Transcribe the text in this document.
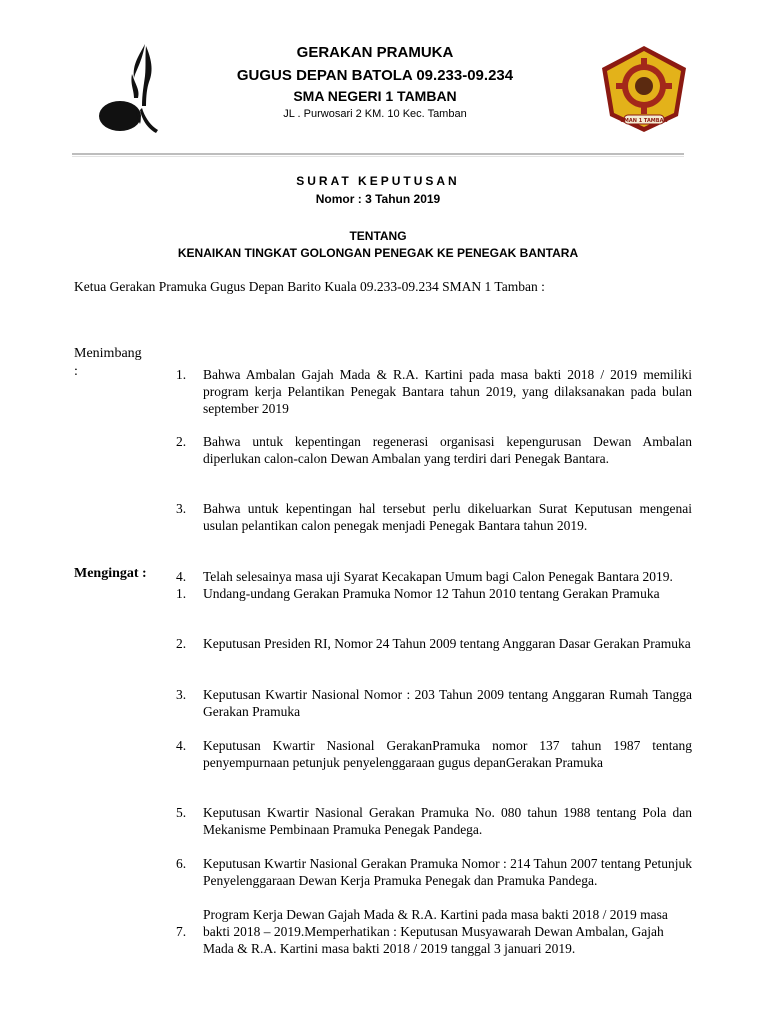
GERAKAN PRAMUKA
GUGUS DEPAN BATOLA 09.233-09.234
SMA NEGERI 1 TAMBAN
JL . Purwosari 2 KM. 10 Kec. Tamban
SMAN 1 TAMBAN
SURAT KEPUTUSAN
Nomor : 3 Tahun 2019
TENTANG
KENAIKAN TINGKAT GOLONGAN PENEGAK KE PENEGAK BANTARA
Ketua Gerakan Pramuka Gugus Depan Barito Kuala 09.233-09.234 SMAN 1 Tamban :
Menimbang
:	1.	Bahwa Ambalan Gajah Mada & R.A. Kartini pada masa bakti 2018 / 2019 memiliki program kerja Pelantikan Penegak Bantara tahun 2019, yang dilaksanakan pada bulan september 2019
2.	Bahwa untuk kepentingan regenerasi organisasi kepengurusan Dewan Ambalan diperlukan calon-calon Dewan Ambalan yang terdiri dari Penegak Bantara.
3.	Bahwa untuk kepentingan hal tersebut perlu dikeluarkan Surat Keputusan mengenai usulan pelantikan calon penegak menjadi Penegak Bantara tahun 2019.
4.	Telah selesainya masa uji Syarat Kecakapan Umum bagi Calon Penegak Bantara 2019.
Mengingat :
1.	Undang-undang Gerakan Pramuka Nomor 12 Tahun 2010 tentang Gerakan Pramuka
2.	Keputusan Presiden RI, Nomor 24 Tahun 2009 tentang Anggaran Dasar Gerakan Pramuka
3.	Keputusan Kwartir Nasional Nomor : 203 Tahun 2009 tentang Anggaran Rumah Tangga Gerakan Pramuka
4.	Keputusan Kwartir Nasional GerakanPramuka nomor 137 tahun 1987 tentang penyempurnaan petunjuk penyelenggaraan gugus depanGerakan Pramuka
5.	Keputusan Kwartir Nasional Gerakan Pramuka No. 080 tahun 1988 tentang Pola dan Mekanisme Pembinaan Pramuka Penegak Pandega.
6.	Keputusan Kwartir Nasional Gerakan Pramuka Nomor : 214 Tahun 2007 tentang Petunjuk Penyelenggaraan Dewan Kerja Pramuka Penegak dan Pramuka Pandega.
7.
Program Kerja Dewan Gajah Mada & R.A. Kartini pada masa bakti 2018 / 2019 masa bakti 2018 – 2019.Memperhatikan : Keputusan Musyawarah Dewan Ambalan, Gajah Mada & R.A. Kartini masa bakti 2018 / 2019 tanggal 3 januari 2019.
